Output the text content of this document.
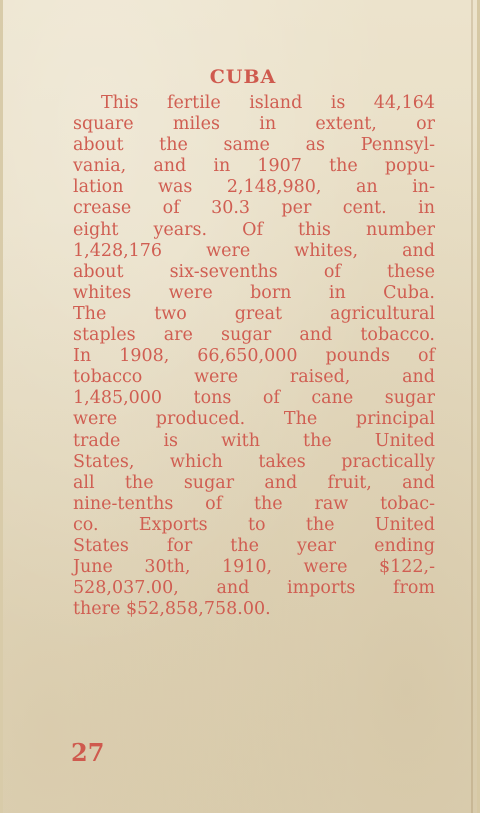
CUBA
This fertile island is 44,164
square miles in extent, or
about the same as Pennsyl-
vania, and in 1907 the popu-
lation was 2,148,980, an in-
crease of 30.3 per cent. in
eight years. Of this number
1,428,176 were whites, and
about six-sevenths of these
whites were born in Cuba.
The two great agricultural
staples are sugar and tobacco.
In 1908, 66,650,000 pounds of
tobacco were raised, and
1,485,000 tons of cane sugar
were produced. The principal
trade is with the United
States, which takes practically
all the sugar and fruit, and
nine-tenths of the raw tobac-
co. Exports to the United
States for the year ending
June 30th, 1910, were $122,-
528,037.00, and imports from
there $52,858,758.00.
27
